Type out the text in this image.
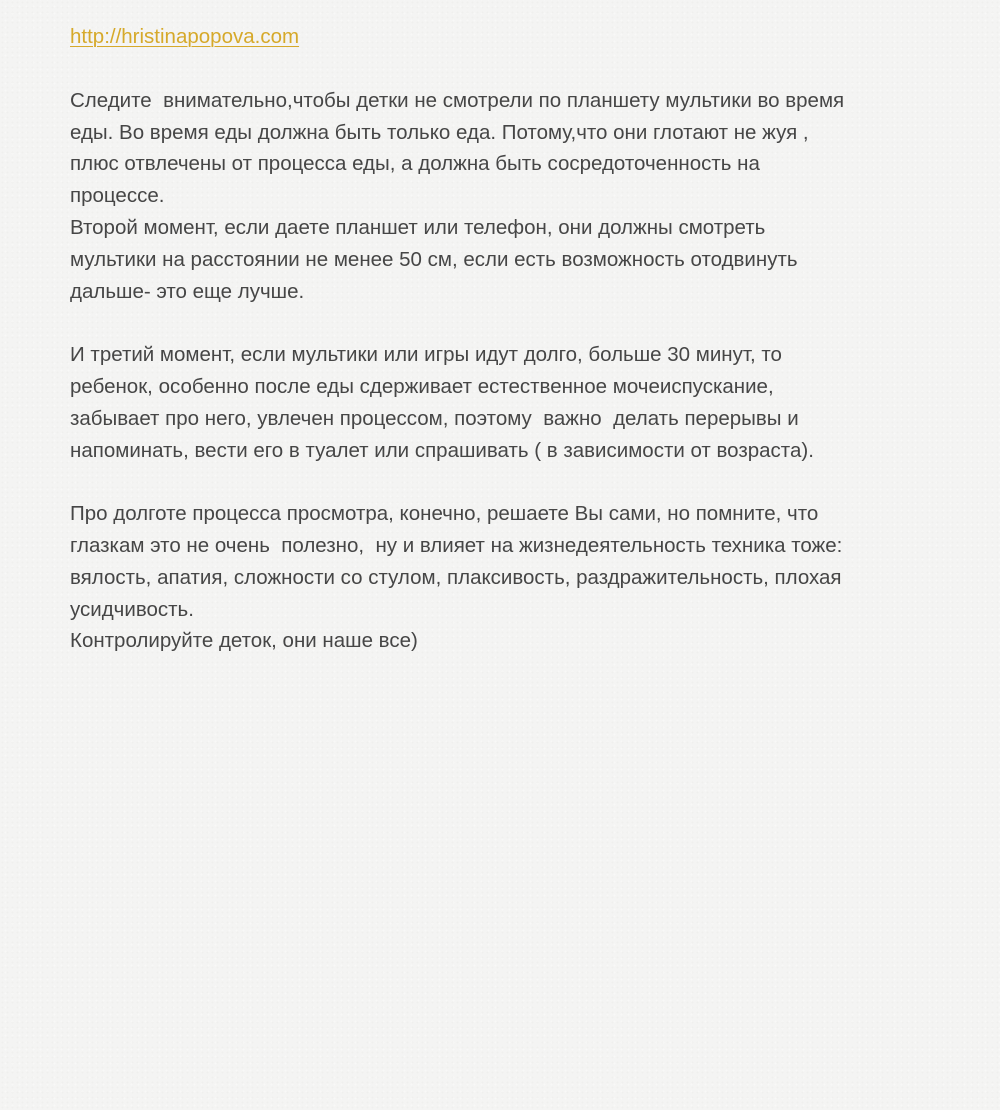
http://hristinapopova.com

Следите  внимательно,чтобы детки не смотрели по планшету мультики во время

еды. Во время еды должна быть только еда. Потому,что они глотают не жуя ,

плюс отвлечены от процесса еды, а должна быть сосредоточенность на

процессе.

Второй момент, если даете планшет или телефон, они должны смотреть

мультики на расстоянии не менее 50 см, если есть возможность отодвинуть

дальше- это еще лучше.

И третий момент, если мультики или игры идут долго, больше 30 минут, то

ребенок, особенно после еды сдерживает естественное мочеиспускание,

забывает про него, увлечен процессом, поэтому  важно  делать перерывы и

напоминать, вести его в туалет или спрашивать ( в зависимости от возраста).

Про долготе процесса просмотра, конечно, решаете Вы сами, но помните, что

глазкам это не очень  полезно,  ну и влияет на жизнедеятельность техника тоже:

вялость, апатия, сложности со стулом, плаксивость, раздражительность, плохая

усидчивость.

Контролируйте деток, они наше все)
